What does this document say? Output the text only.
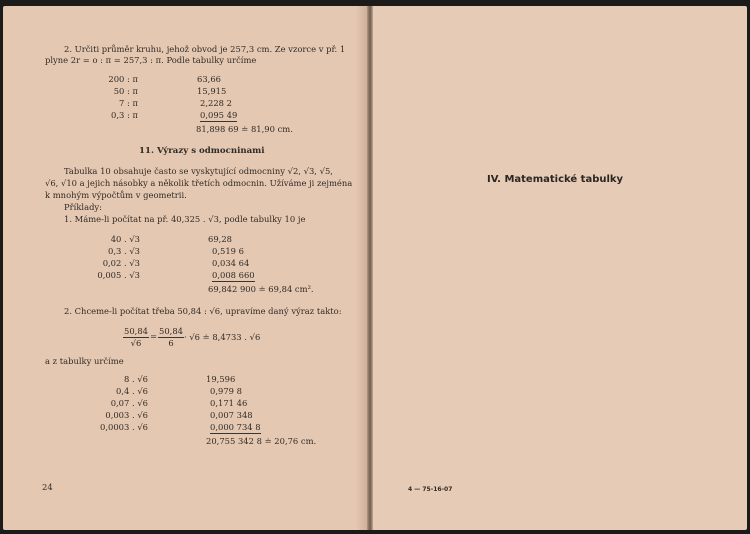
2. Určiti průměr kruhu, jehož obvod je 257,3 cm. Ze vzorce v př. 1
plyne 2r = o : π = 257,3 : π. Podle tabulky určíme
200 : π
50 : π
7 : π
0,3 : π
63,66
15,915
2,228 2
0,095 49
81,898 69 ≐ 81,90 cm.
11. Výrazy s odmocninami
Tabulka 10 obsahuje často se vyskytující odmocniny √2, √3, √5,
√6, √10 a jejich násobky a několik třetích odmocnin. Užíváme ji zejména
k mnohým výpočtům v geometrii.
Příklady:
1. Máme-li počítat na př. 40,325 . √3, podle tabulky 10 je
40 . √3
0,3 . √3
0,02 . √3
0,005 . √3
69,28
0,519 6
0,034 64
0,008 660
69,842 900 ≐ 69,84 cm².
2. Chceme-li počítat třeba 50,84 : √6, upravíme daný výraz takto:
$\frac{50,84}{√6} = \frac{50,84}{6} \cdot √6$ ≐ 8,4733 . √6
a z tabulky určíme
8 . √6
0,4 . √6
0,07 . √6
0,003 . √6
0,0003 . √6
19,596
0,979 8
0,171 46
0,007 348
0,000 734 8
20,755 342 8 ≐ 20,76 cm.
24
IV. Matematické tabulky
4 — 75-16-07
